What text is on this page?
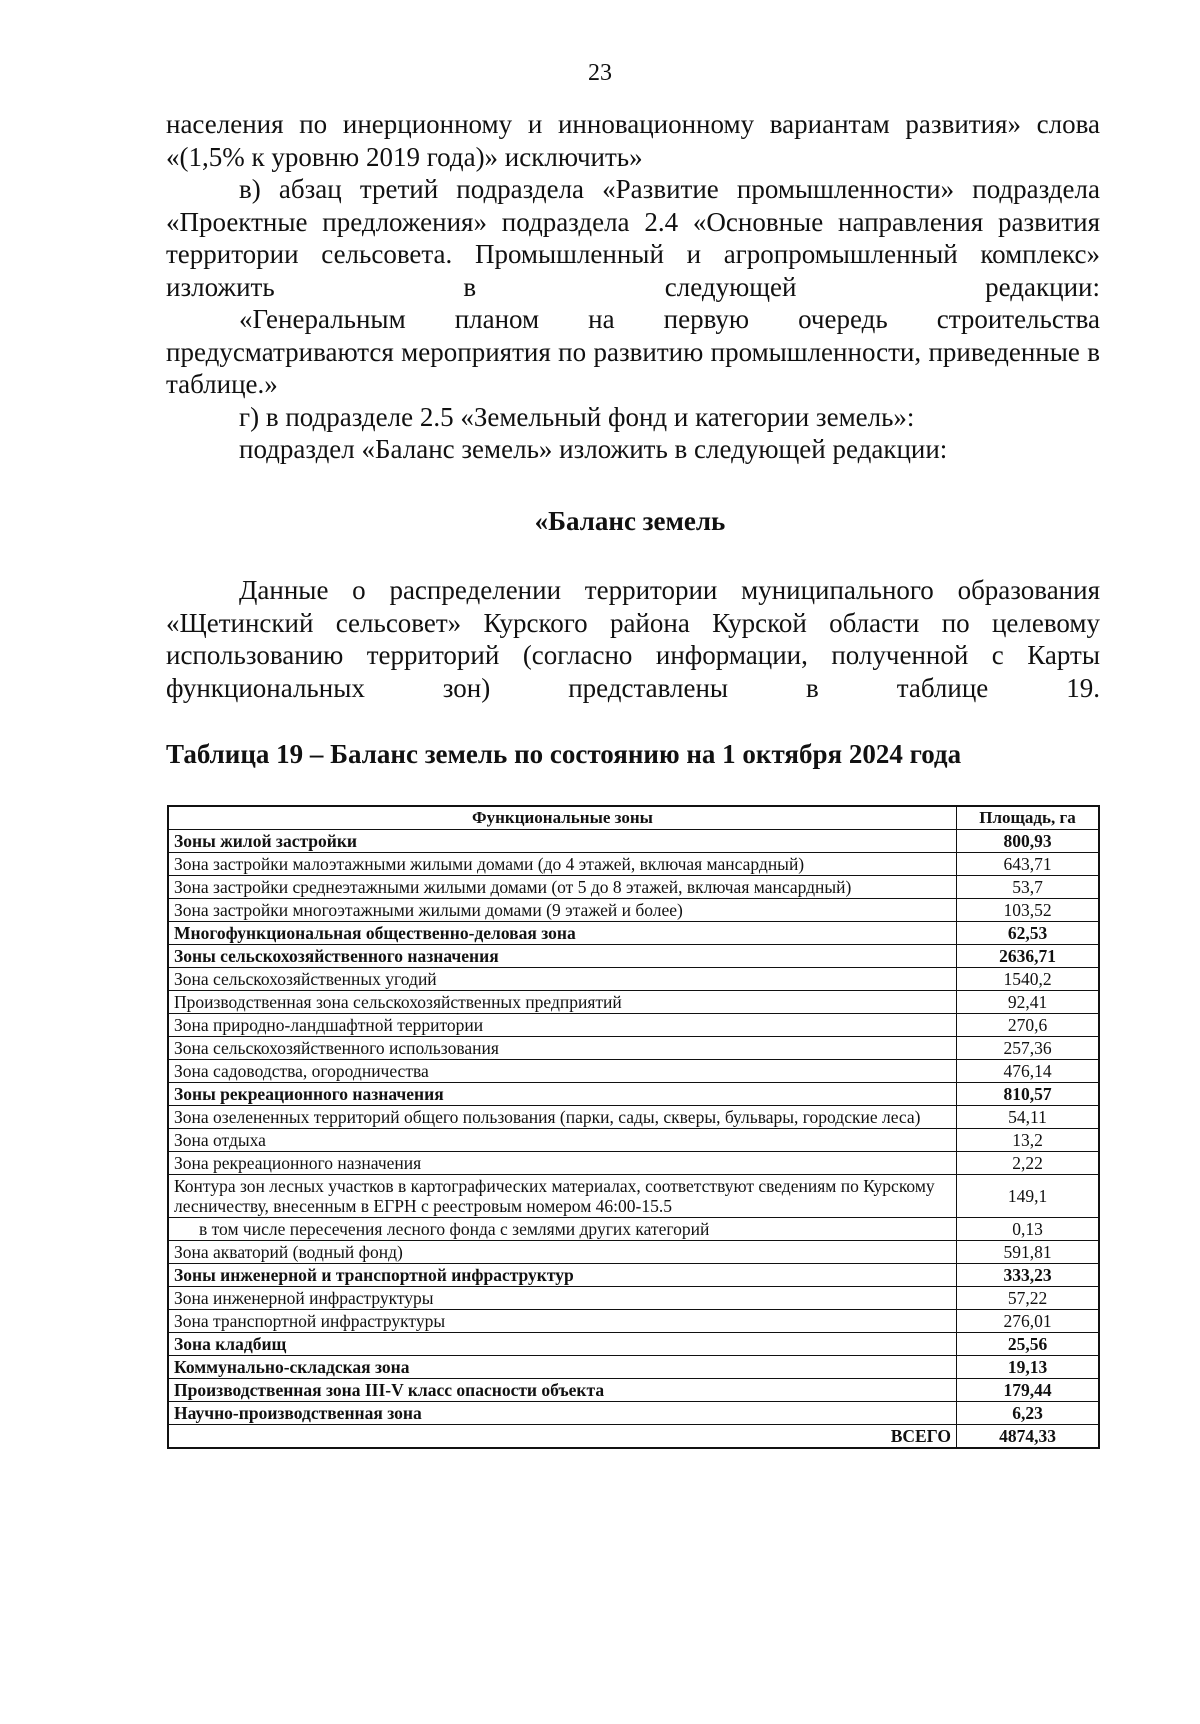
23

населения по инерционному и инновационному вариантам развития» слова

«(1,5% к уровню 2019 года)» исключить»

в) абзац третий подраздела «Развитие промышленности» подраздела «Проектные предложения» подраздела 2.4 «Основные направления развития территории сельсовета. Промышленный и агропромышленный комплекс» изложить в следующей редакции:

«Генеральным планом на первую очередь строительства предусматриваются мероприятия по развитию промышленности, приведенные в таблице.»

г) в подразделе 2.5 «Земельный фонд и категории земель»:

подраздел «Баланс земель» изложить в следующей редакции:

«Баланс земель

Данные о распределении территории муниципального образования «Щетинский сельсовет» Курского района Курской области по целевому использованию территорий (согласно информации, полученной с Карты функциональных зон) представлены в таблице 19.

Таблица 19 – Баланс земель по состоянию на 1 октября 2024 года
Функциональные зоны	Площадь, га
Зоны жилой застройки	800,93
Зона застройки малоэтажными жилыми домами (до 4 этажей, включая мансардный)	643,71
Зона застройки среднеэтажными жилыми домами (от 5 до 8 этажей, включая мансардный)	53,7
Зона застройки многоэтажными жилыми домами (9 этажей и более)	103,52
Многофункциональная общественно-деловая зона	62,53
Зоны сельскохозяйственного назначения	2636,71
Зона сельскохозяйственных угодий	1540,2
Производственная зона сельскохозяйственных предприятий	92,41
Зона природно-ландшафтной территории	270,6
Зона сельскохозяйственного использования	257,36
Зона садоводства, огородничества	476,14
Зоны рекреационного назначения	810,57
Зона озелененных территорий общего пользования (парки, сады, скверы, бульвары, городские леса)	54,11
Зона отдыха	13,2
Зона рекреационного назначения	2,22
Контура зон лесных участков в картографических материалах, соответствуют сведениям по Курскому лесничеству, внесенным в ЕГРН с реестровым номером 46:00-15.5	149,1
в том числе пересечения лесного фонда с землями других категорий	0,13
Зона акваторий (водный фонд)	591,81
Зоны инженерной и транспортной инфраструктур	333,23
Зона инженерной инфраструктуры	57,22
Зона транспортной инфраструктуры	276,01
Зона кладбищ	25,56
Коммунально-складская зона	19,13
Производственная зона III-V класс опасности объекта	179,44
Научно-производственная зона	6,23
ВСЕГО	4874,33
